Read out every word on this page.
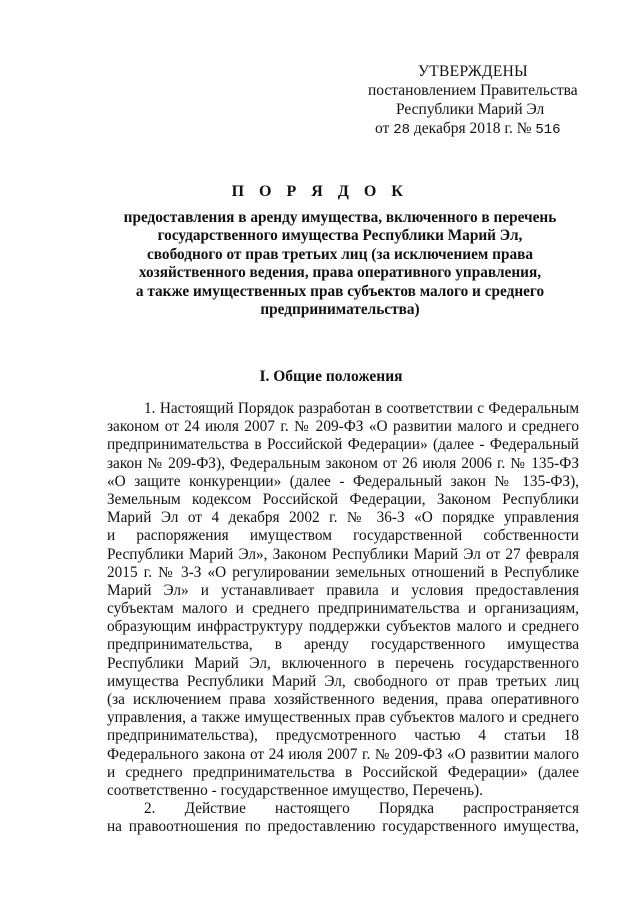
УТВЕРЖДЕНЫ
постановлением Правительства
Республики Марий Эл
от 28 декабря 2018 г. № 516
П О Р Я Д О К
предоставления в аренду имущества, включенного в перечень
государственного имущества Республики Марий Эл,
свободного от прав третьих лиц (за исключением права
хозяйственного ведения, права оперативного управления,
а также имущественных прав субъектов малого и среднего
предпринимательства)
I. Общие положения
1. Настоящий Порядок разработан в соответствии с Федеральным
законом от 24 июля 2007 г. № 209-ФЗ «О развитии малого и среднего
предпринимательства в Российской Федерации» (далее - Федеральный
закон № 209-ФЗ), Федеральным законом от 26 июля 2006 г. № 135-ФЗ
«О защите конкуренции» (далее - Федеральный закон № 135-ФЗ),
Земельным кодексом Российской Федерации, Законом Республики
Марий Эл от 4 декабря 2002 г. № 36-З «О порядке управления
и распоряжения имуществом государственной собственности
Республики Марий Эл», Законом Республики Марий Эл от 27 февраля
2015 г. № 3-З «О регулировании земельных отношений в Республике
Марий Эл» и устанавливает правила и условия предоставления
субъектам малого и среднего предпринимательства и организациям,
образующим инфраструктуру поддержки субъектов малого и среднего
предпринимательства, в аренду государственного имущества
Республики Марий Эл, включенного в перечень государственного
имущества Республики Марий Эл, свободного от прав третьих лиц
(за исключением права хозяйственного ведения, права оперативного
управления, а также имущественных прав субъектов малого и среднего
предпринимательства), предусмотренного частью 4 статьи 18
Федерального закона от 24 июля 2007 г. № 209-ФЗ «О развитии малого
и среднего предпринимательства в Российской Федерации» (далее
соответственно - государственное имущество, Перечень).
2. Действие настоящего Порядка распространяется
на правоотношения по предоставлению государственного имущества,
